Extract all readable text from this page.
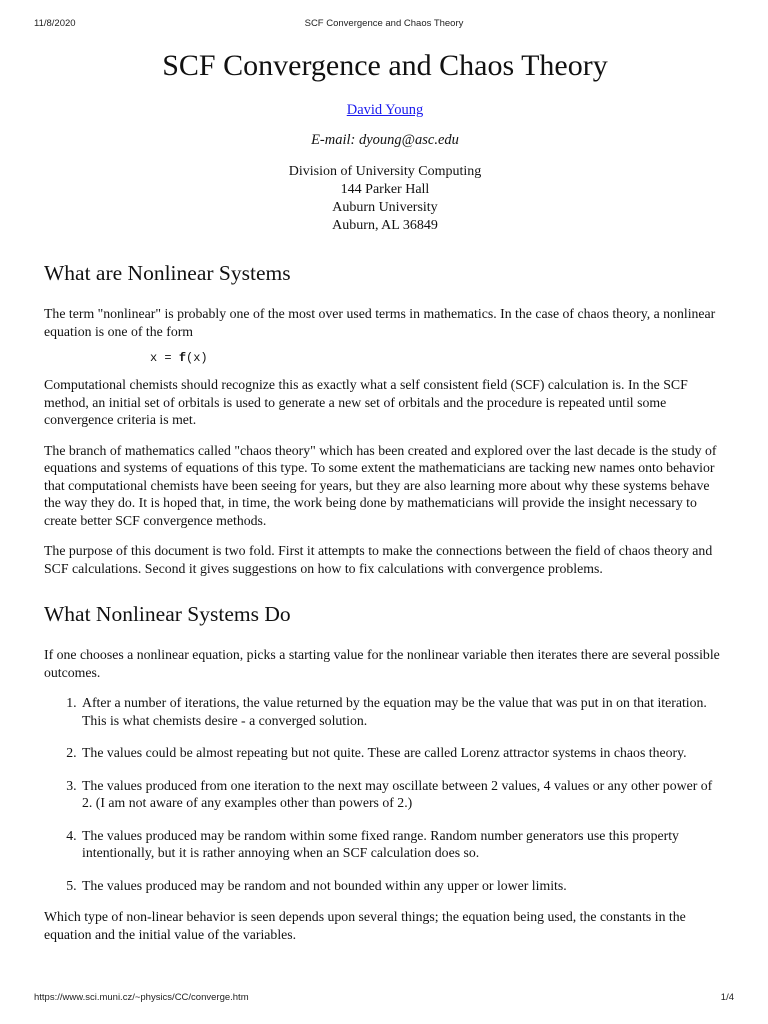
11/8/2020	SCF Convergence and Chaos Theory
SCF Convergence and Chaos Theory
David Young
E-mail: dyoung@asc.edu
Division of University Computing
144 Parker Hall
Auburn University
Auburn, AL 36849
What are Nonlinear Systems

The term "nonlinear" is probably one of the most over used terms in mathematics. In the case of chaos theory, a nonlinear equation is one of the form

x = f(x)

Computational chemists should recognize this as exactly what a self consistent field (SCF) calculation is. In the SCF method, an initial set of orbitals is used to generate a new set of orbitals and the procedure is repeated until some convergence criteria is met.

The branch of mathematics called "chaos theory" which has been created and explored over the last decade is the study of equations and systems of equations of this type. To some extent the mathematicians are tacking new names onto behavior that computational chemists have been seeing for years, but they are also learning more about why these systems behave the way they do. It is hoped that, in time, the work being done by mathematicians will provide the insight necessary to create better SCF convergence methods.

The purpose of this document is two fold. First it attempts to make the connections between the field of chaos theory and SCF calculations. Second it gives suggestions on how to fix calculations with convergence problems.

What Nonlinear Systems Do

If one chooses a nonlinear equation, picks a starting value for the nonlinear variable then iterates there are several possible outcomes.

1. After a number of iterations, the value returned by the equation may be the value that was put in on that iteration. This is what chemists desire - a converged solution.
2. The values could be almost repeating but not quite. These are called Lorenz attractor systems in chaos theory.
3. The values produced from one iteration to the next may oscillate between 2 values, 4 values or any other power of 2. (I am not aware of any examples other than powers of 2.)
4. The values produced may be random within some fixed range. Random number generators use this property intentionally, but it is rather annoying when an SCF calculation does so.
5. The values produced may be random and not bounded within any upper or lower limits.

Which type of non-linear behavior is seen depends upon several things; the equation being used, the constants in the equation and the initial value of the variables.

https://www.sci.muni.cz/~physics/CC/converge.htm	1/4
